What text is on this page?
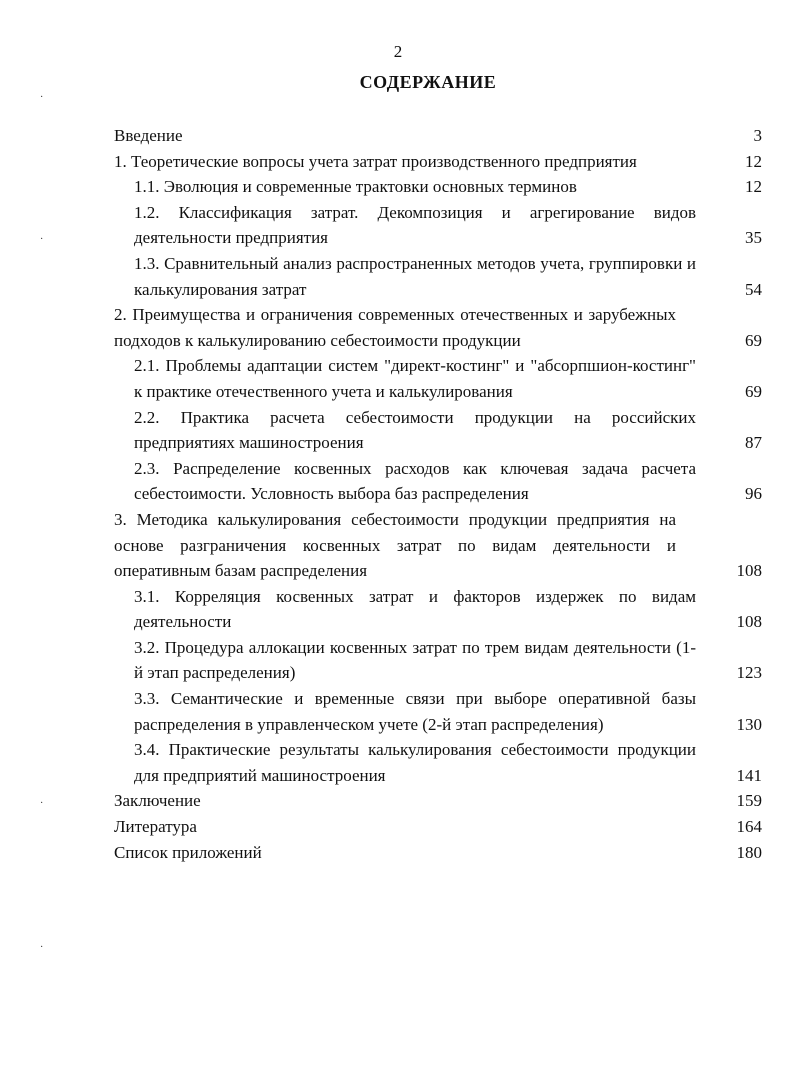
2
СОДЕРЖАНИЕ
·
·
·
·
Введение	3
1. Теоретические вопросы учета затрат производственного предприятия	12
1.1. Эволюция и современные трактовки основных терминов	12
1.2. Классификация затрат. Декомпозиция и агрегирование видов деятельности предприятия	35
1.3. Сравнительный анализ распространенных методов учета, группировки и калькулирования затрат	54
2. Преимущества и ограничения современных отечественных и зарубежных подходов к калькулированию себестоимости продукции	69
2.1. Проблемы адаптации систем "директ-костинг" и "абсорпшион-костинг" к практике отечественного учета и калькулирования	69
2.2. Практика расчета себестоимости продукции на российских предприятиях машиностроения	87
2.3. Распределение косвенных расходов как ключевая задача расчета себестоимости. Условность выбора баз распределения	96
3. Методика калькулирования себестоимости продукции предприятия на основе разграничения косвенных затрат по видам деятельности и оперативным базам распределения	108
3.1. Корреляция косвенных затрат и факторов издержек по видам деятельности	108
3.2. Процедура аллокации косвенных затрат по трем видам деятельности (1-й этап распределения)	123
3.3. Семантические и временные связи при выборе оперативной базы распределения в управленческом учете (2-й этап распределения)	130
3.4. Практические результаты калькулирования себестоимости продукции для предприятий машиностроения	141
Заключение	159
Литература	164
Список приложений	180
